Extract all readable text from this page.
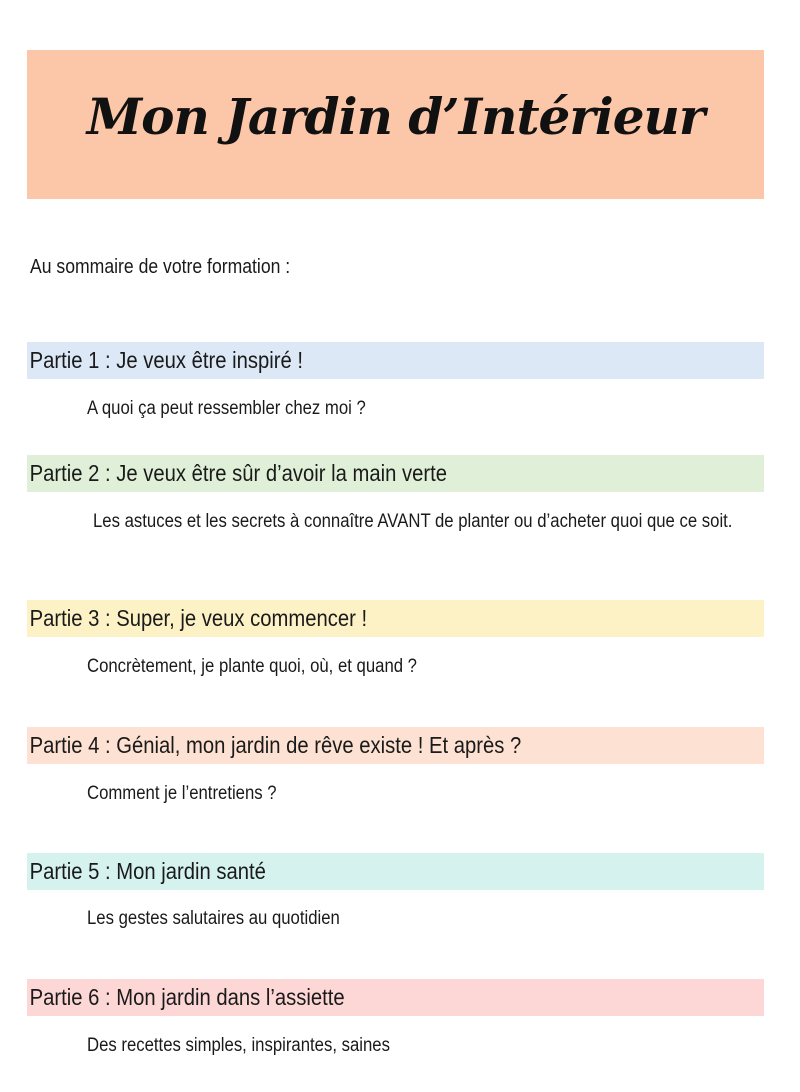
Mon Jardin d’Intérieur
Au sommaire de votre formation :
Partie 1 : Je veux être inspiré !
A quoi ça peut ressembler chez moi ?
Partie 2 : Je veux être sûr d’avoir la main verte
Les astuces et les secrets à connaître AVANT de planter ou d’acheter quoi que ce soit.
Partie 3 : Super, je veux commencer !
Concrètement, je plante quoi, où, et quand ?
Partie 4 : Génial, mon jardin de rêve existe ! Et après ?
Comment je l’entretiens ?
Partie 5 : Mon jardin santé
Les gestes salutaires au quotidien
Partie 6 : Mon jardin dans l’assiette
Des recettes simples, inspirantes, saines
